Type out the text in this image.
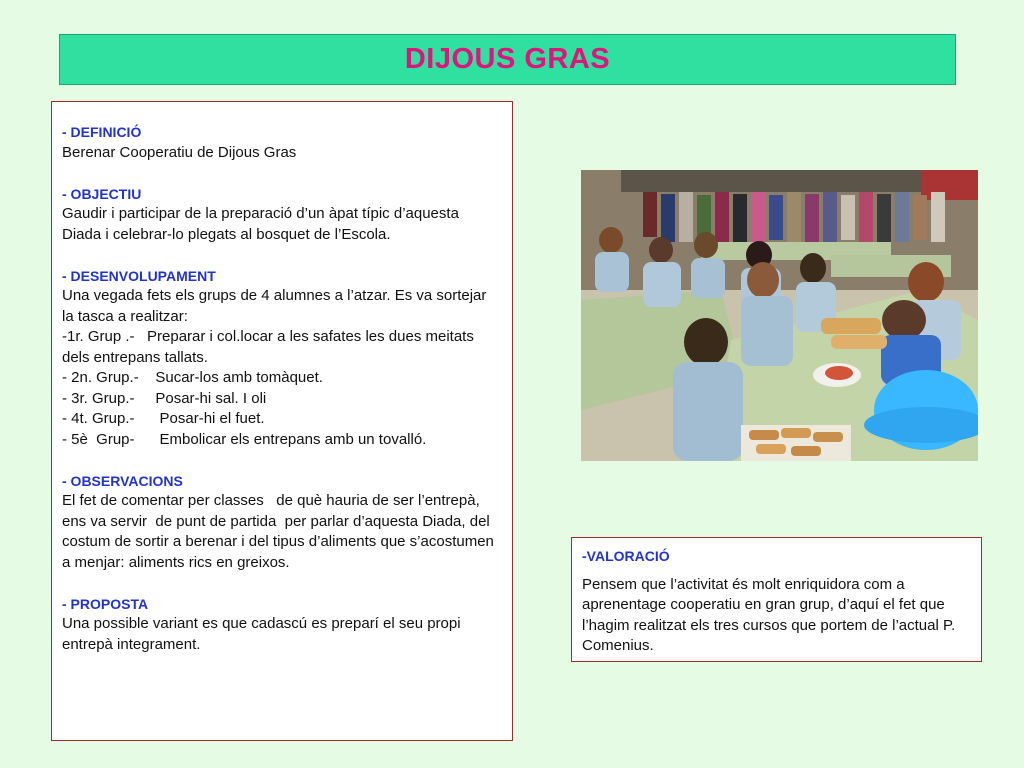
DIJOUS GRAS

- DEFINICIÓ

Berenar Cooperatiu de Dijous Gras

- OBJECTIU

Gaudir i participar de la preparació d’un àpat típic d’aquesta Diada i celebrar-lo plegats al bosquet de l’Escola.

- DESENVOLUPAMENT

Una vegada fets els grups de 4 alumnes a l’atzar. Es va sortejar la tasca a realitzar:
-1r. Grup .-   Preparar i col.locar a les safates les dues meitats dels entrepans tallats.
- 2n. Grup.-    Sucar-los amb tomàquet.
- 3r. Grup.-     Posar-hi sal. I oli
- 4t. Grup.-      Posar-hi el fuet.
- 5è  Grup-      Embolicar els entrepans amb un tovalló.

- OBSERVACIONS

El fet de comentar per classes   de què hauria de ser l’entrepà, ens va servir  de punt de partida  per parlar d’aquesta Diada, del  costum de sortir a berenar i del tipus d’aliments que s’acostumen a menjar: aliments rics en greixos.

- PROPOSTA

Una possible variant es que cadascú es preparí el seu propi entrepà integrament.

-VALORACIÓ

Pensem que l’activitat és molt enriquidora com a aprenentage cooperatiu en gran grup, d’aquí el fet que l’hagim realitzat els tres cursos que portem de l’actual P. Comenius.
